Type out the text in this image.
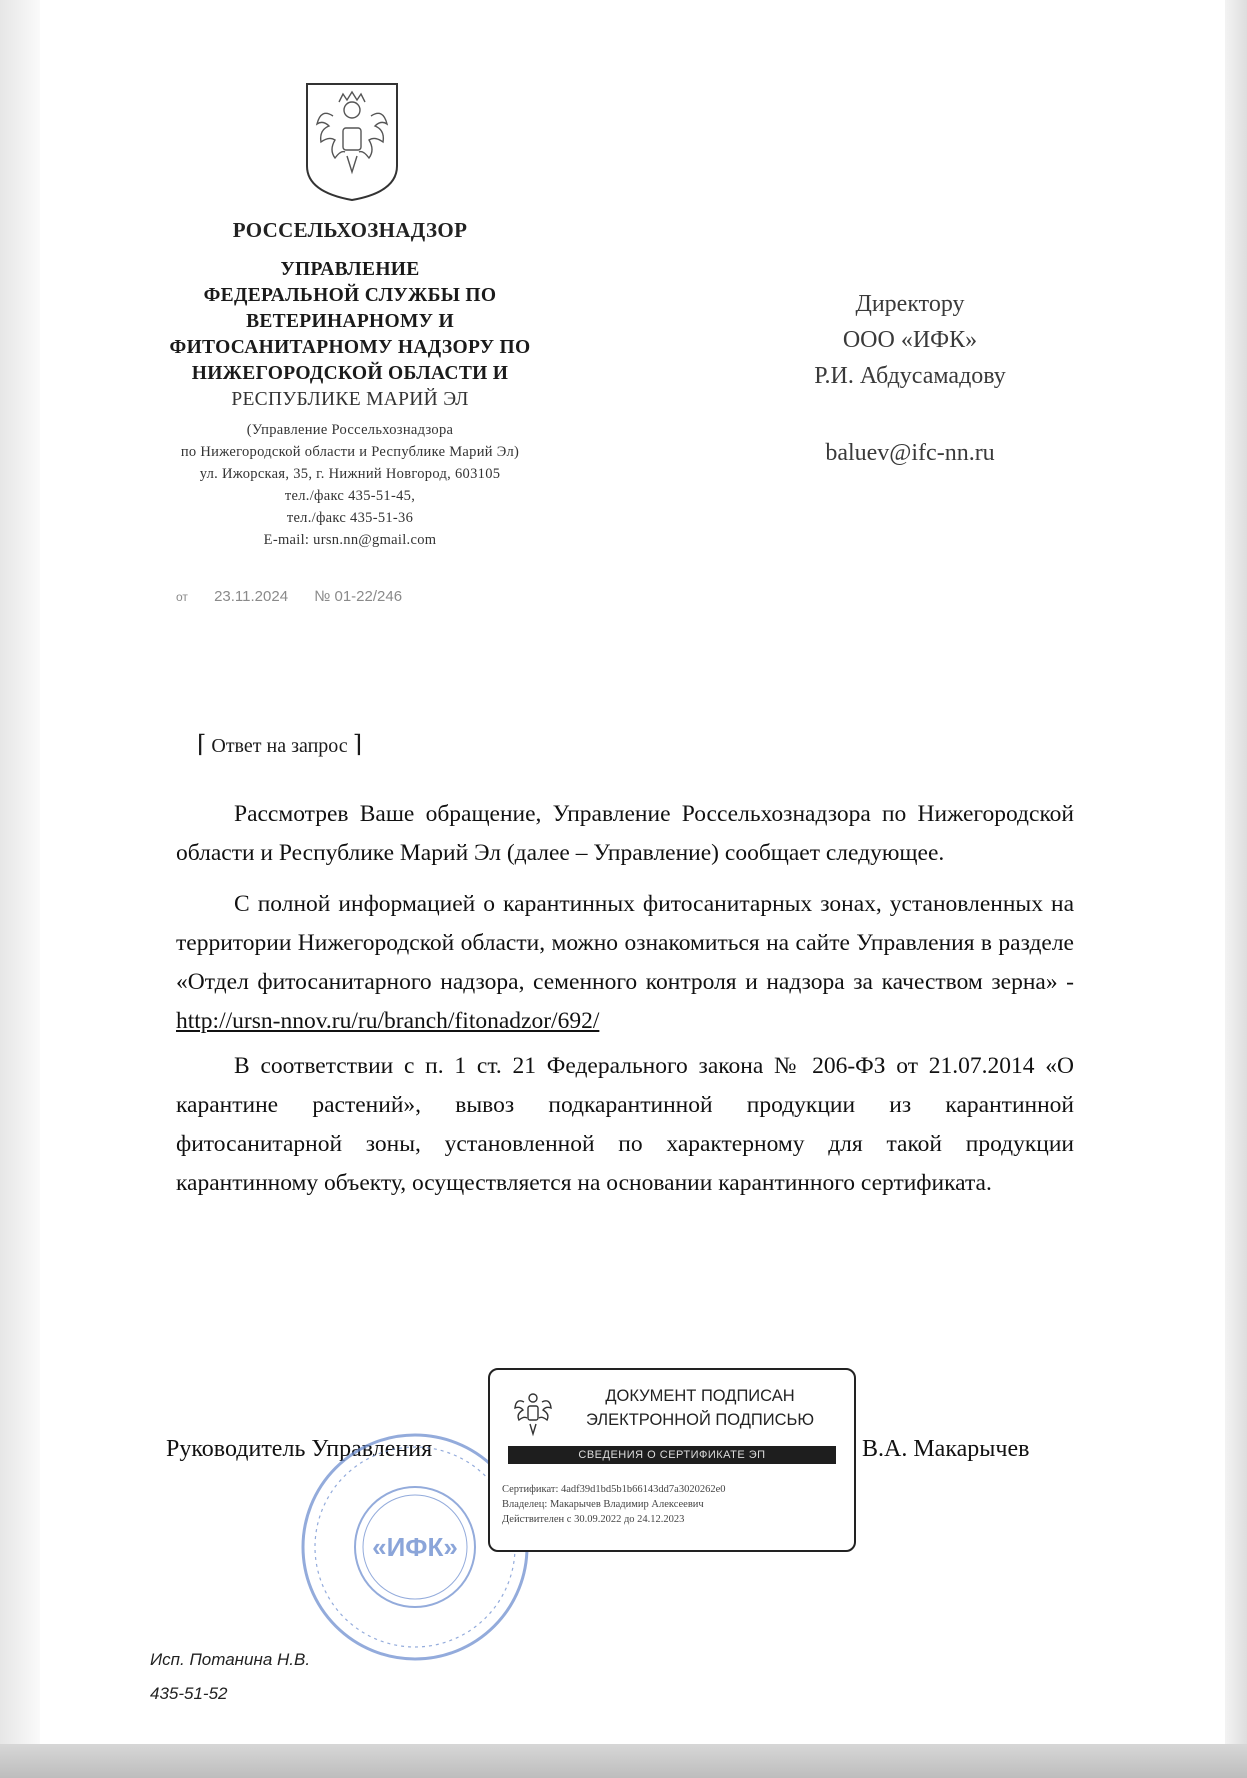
РОССЕЛЬХОЗНАДЗОР
УПРАВЛЕНИЕ
ФЕДЕРАЛЬНОЙ СЛУЖБЫ ПО
ВЕТЕРИНАРНОМУ И
ФИТОСАНИТАРНОМУ НАДЗОРУ ПО
НИЖЕГОРОДСКОЙ ОБЛАСТИ И
РЕСПУБЛИКЕ МАРИЙ ЭЛ
(Управление Россельхознадзора
по Нижегородской области и Республике Марий Эл)
ул. Ижорская, 35, г. Нижний Новгород, 603105
тел./факс 435-51-45,
тел./факс 435-51-36
E-mail: ursn.nn@gmail.com
от 23.11.2024 № 01-22/246
Директору
ООО «ИФК»
Р.И. Абдусамадову
baluev@ifc-nn.ru
⌈ Ответ на запрос ⌉

Рассмотрев Ваше обращение, Управление Россельхознадзора по Нижегородской области и Республике Марий Эл (далее – Управление) сообщает следующее.

С полной информацией о карантинных фитосанитарных зонах, установленных на территории Нижегородской области, можно ознакомиться на сайте Управления в разделе «Отдел фитосанитарного надзора, семенного контроля и надзора за качеством зерна» - http://ursn-nnov.ru/ru/branch/fitonadzor/692/

В соответствии с п. 1 ст. 21 Федерального закона № 206-ФЗ от 21.07.2014 «О карантине растений», вывоз подкарантинной продукции из карантинной фитосанитарной зоны, установленной по характерному для такой продукции карантинному объекту, осуществляется на основании карантинного сертификата.

Руководитель Управления
«ИФК»
ДОКУМЕНТ ПОДПИСАН
ЭЛЕКТРОННОЙ ПОДПИСЬЮ
СВЕДЕНИЯ О СЕРТИФИКАТЕ ЭП
Сертификат: 4adf39d1bd5b1b66143dd7a3020262e0
Владелец: Макарычев Владимир Алексеевич
Действителен с 30.09.2022 до 24.12.2023
В.А. Макарычев
Исп. Потанина Н.В.
435-51-52
